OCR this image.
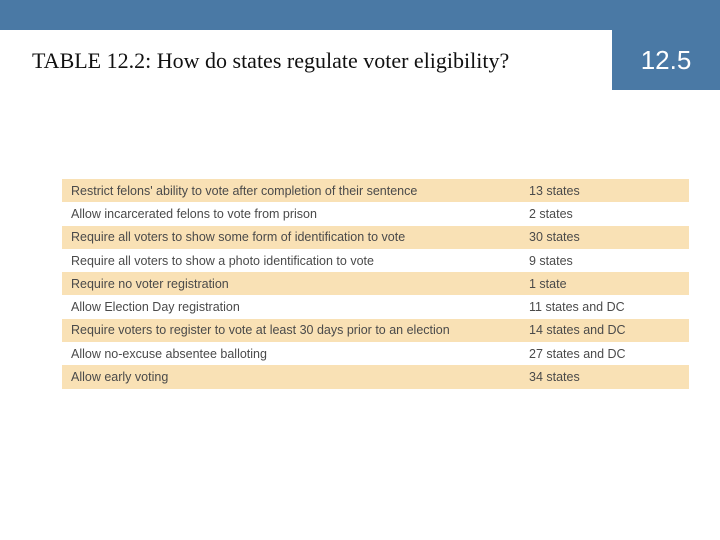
12.5
TABLE 12.2: How do states regulate voter eligibility?
Restrict felons' ability to vote after completion of their sentence	13 states
Allow incarcerated felons to vote from prison	2 states
Require all voters to show some form of identification to vote	30 states
Require all voters to show a photo identification to vote	9 states
Require no voter registration	1 state
Allow Election Day registration	11 states and DC
Require voters to register to vote at least 30 days prior to an election	14 states and DC
Allow no-excuse absentee balloting	27 states and DC
Allow early voting	34 states
